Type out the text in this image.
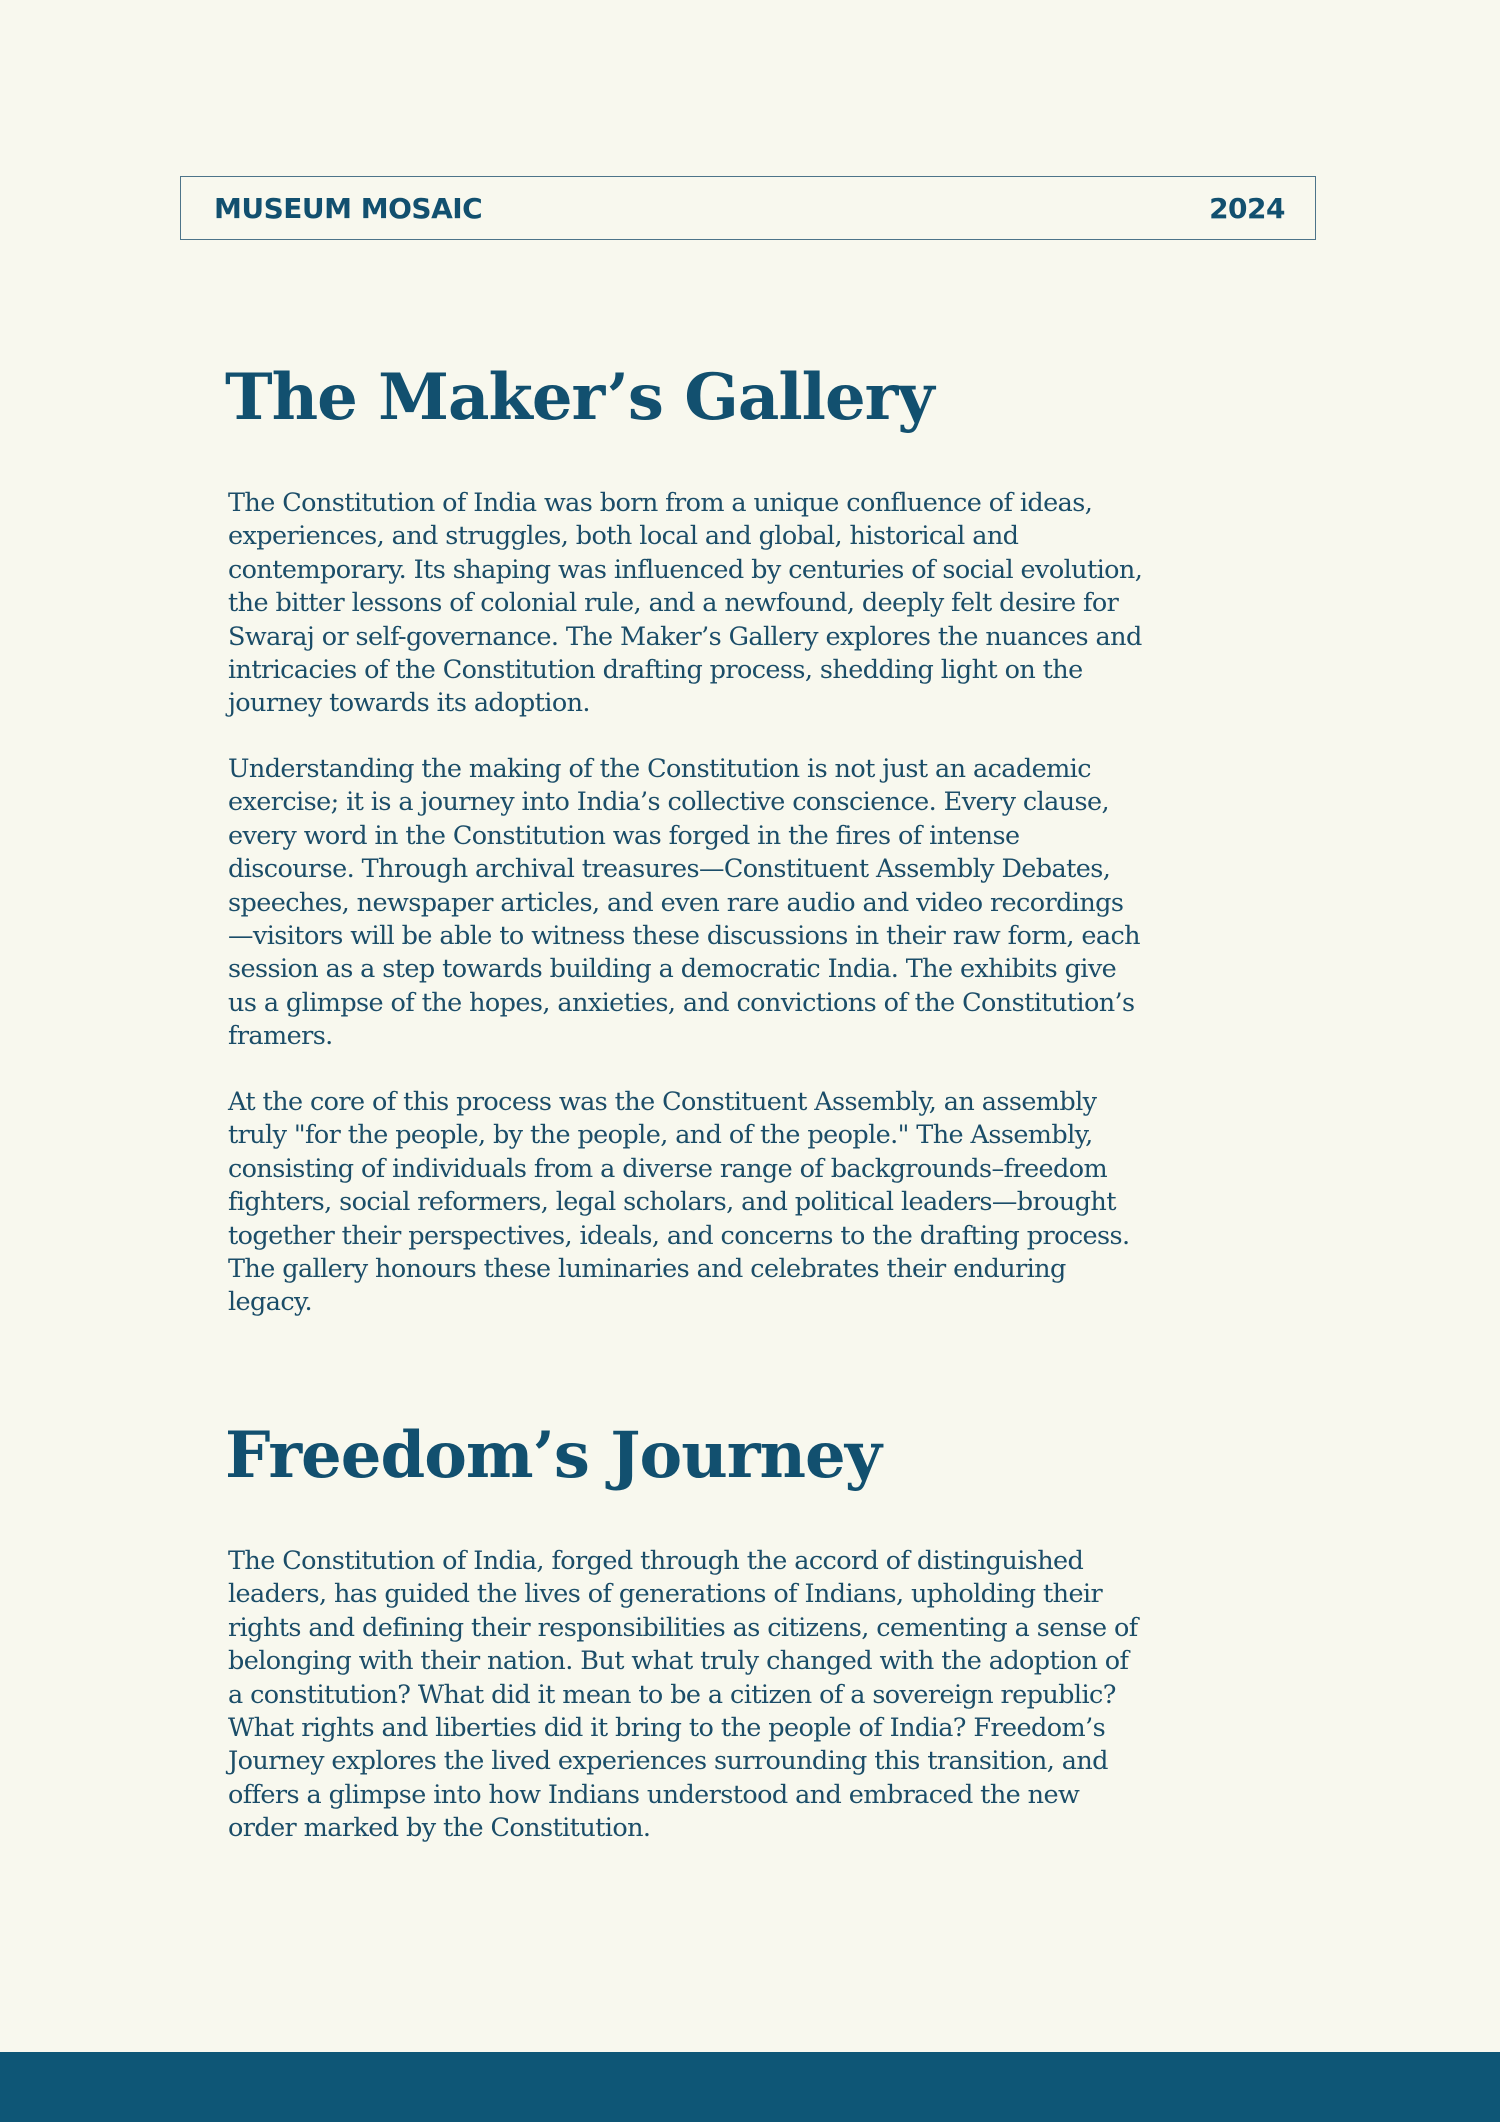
MUSEUM MOSAIC	2024
The Maker’s Gallery

The Constitution of India was born from a unique confluence of ideas, experiences, and struggles, both local and global, historical and contemporary. Its shaping was influenced by centuries of social evolution, the bitter lessons of colonial rule, and a newfound, deeply felt desire for Swaraj or self-governance. The Maker’s Gallery explores the nuances and intricacies of the Constitution drafting process, shedding light on the journey towards its adoption.

Understanding the making of the Constitution is not just an academic exercise; it is a journey into India’s collective conscience. Every clause, every word in the Constitution was forged in the fires of intense discourse. Through archival treasures—Constituent Assembly Debates, speeches, newspaper articles, and even rare audio and video recordings—visitors will be able to witness these discussions in their raw form, each session as a step towards building a democratic India. The exhibits give us a glimpse of the hopes, anxieties, and convictions of the Constitution’s framers.

At the core of this process was the Constituent Assembly, an assembly truly "for the people, by the people, and of the people." The Assembly, consisting of individuals from a diverse range of backgrounds–freedom fighters, social reformers, legal scholars, and political leaders—brought together their perspectives, ideals, and concerns to the drafting process. The gallery honours these luminaries and celebrates their enduring legacy.

Freedom’s Journey

The Constitution of India, forged through the accord of distinguished leaders, has guided the lives of generations of Indians, upholding their rights and defining their responsibilities as citizens, cementing a sense of belonging with their nation. But what truly changed with the adoption of a constitution? What did it mean to be a citizen of a sovereign republic? What rights and liberties did it bring to the people of India? Freedom’s Journey explores the lived experiences surrounding this transition, and offers a glimpse into how Indians understood and embraced the new order marked by the Constitution.
